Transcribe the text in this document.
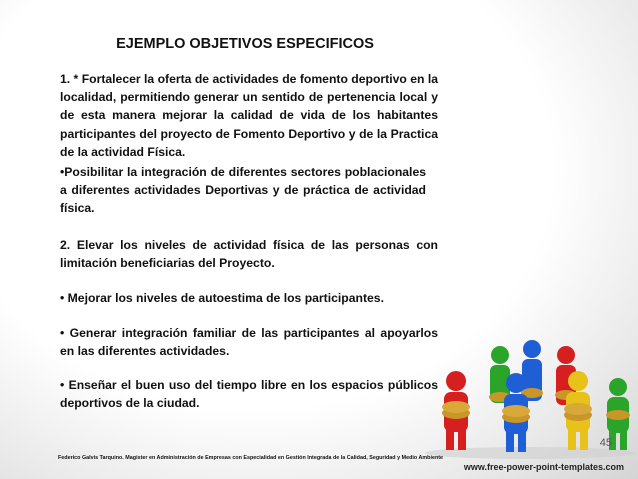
EJEMPLO OBJETIVOS ESPECIFICOS
1. * Fortalecer la oferta de actividades de fomento deportivo en la localidad, permitiendo generar un sentido de pertenencia local y de esta manera mejorar la calidad de vida de los habitantes participantes del proyecto de Fomento Deportivo y de la Practica de la actividad Física.
•Posibilitar la integración de diferentes sectores poblacionales a diferentes actividades Deportivas y de práctica de actividad física.
2. Elevar los niveles de actividad física de las personas con limitación beneficiarias del Proyecto.
• Mejorar los niveles de autoestima de los participantes.
• Generar integración familiar de las participantes al apoyarlos en las diferentes actividades.
• Enseñar el buen uso del tiempo libre en los espacios públicos deportivos de la ciudad.
45
Federico Galvis Tarquino. Magister en Administración de Empresas con Especialidad en Gestión Integrada de la Calidad, Seguridad y Medio Ambiente
www.free-power-point-templates.com
